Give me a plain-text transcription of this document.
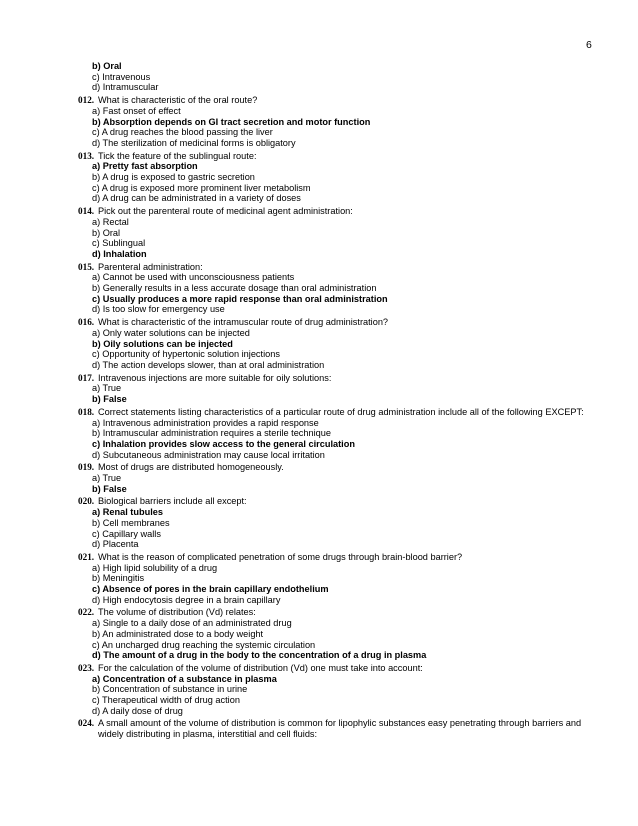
6
b) Oral
c) Intravenous
d) Intramuscular
012. What is characteristic of the oral route?
a) Fast onset of effect
b) Absorption depends on GI tract secretion and motor function
c) A drug reaches the blood passing the liver
d) The sterilization of medicinal forms is obligatory
013. Tick the feature of the sublingual route:
a) Pretty fast absorption
b) A drug is exposed to gastric secretion
c) A drug is exposed more prominent liver metabolism
d) A drug can be administrated in a variety of doses
014. Pick out the parenteral route of medicinal agent administration:
a) Rectal
b) Oral
c) Sublingual
d) Inhalation
015. Parenteral administration:
a) Cannot be used with unconsciousness patients
b) Generally results in a less accurate dosage than oral administration
c) Usually produces a more rapid response than oral administration
d) Is too slow for emergency use
016. What is characteristic of the intramuscular route of drug administration?
a) Only water solutions can be injected
b) Oily solutions can be injected
c) Opportunity of hypertonic solution injections
d) The action develops slower, than at oral administration
017. Intravenous injections are more suitable for oily solutions:
a) True
b) False
018. Correct statements listing characteristics of a particular route of drug administration include all of the following EXCEPT:
a) Intravenous administration provides a rapid response
b) Intramuscular administration requires a sterile technique
c) Inhalation provides slow access to the general circulation
d) Subcutaneous administration may cause local irritation
019. Most of drugs are distributed homogeneously.
a) True
b) False
020. Biological barriers include all except:
a) Renal tubules
b) Cell membranes
c) Capillary walls
d) Placenta
021. What is the reason of complicated penetration of some drugs through brain-blood barrier?
a) High lipid solubility of a drug
b) Meningitis
c) Absence of pores in the brain capillary endothelium
d) High endocytosis degree in a brain capillary
022. The volume of distribution (Vd) relates:
a) Single to a daily dose of an administrated drug
b) An administrated dose to a body weight
c) An uncharged drug reaching the systemic circulation
d) The amount of a drug in the body to the concentration of a drug in plasma
023. For the calculation of the volume of distribution (Vd) one must take into account:
a) Concentration of a substance in plasma
b) Concentration of substance in urine
c) Therapeutical width of drug action
d) A daily dose of drug
024. A small amount of the volume of distribution is common for lipophylic substances easy penetrating through barriers and widely distributing in plasma, interstitial and cell fluids:
